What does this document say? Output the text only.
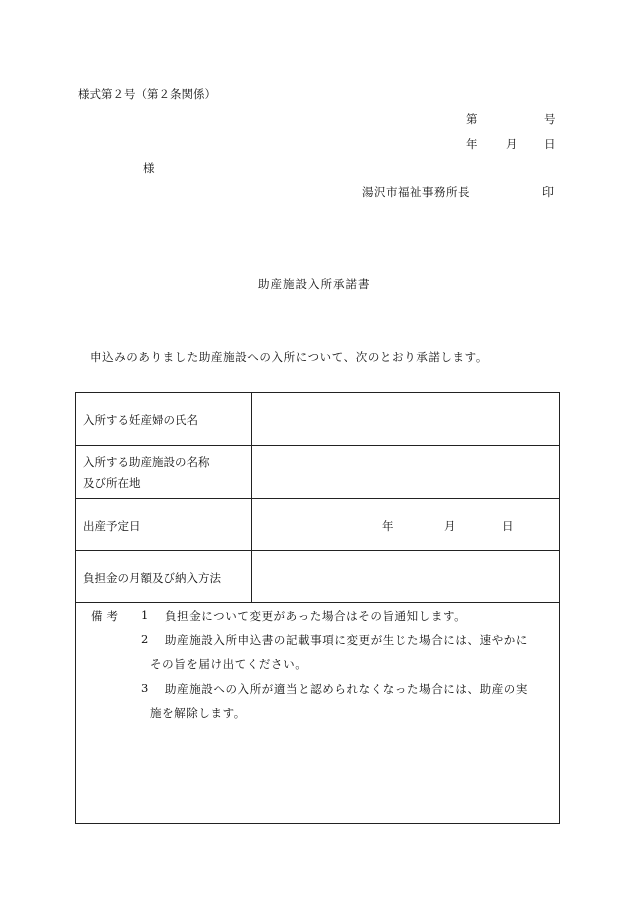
様式第２号（第２条関係）
第	号
年 月 日
様
湯沢市福祉事務所長	印
助産施設入所承諾書
申込みのありました助産施設への入所について、次のとおり承諾します。
入所する妊産婦の氏名
入所する助産施設の名称
及び所在地
出産予定日	年	月	日
負担金の月額及び納入方法
備考 1 負担金について変更があった場合はその旨通知します。
2 助産施設入所申込書の記載事項に変更が生じた場合には、速やかに
その旨を届け出てください。
3 助産施設への入所が適当と認められなくなった場合には、助産の実
施を解除します。
